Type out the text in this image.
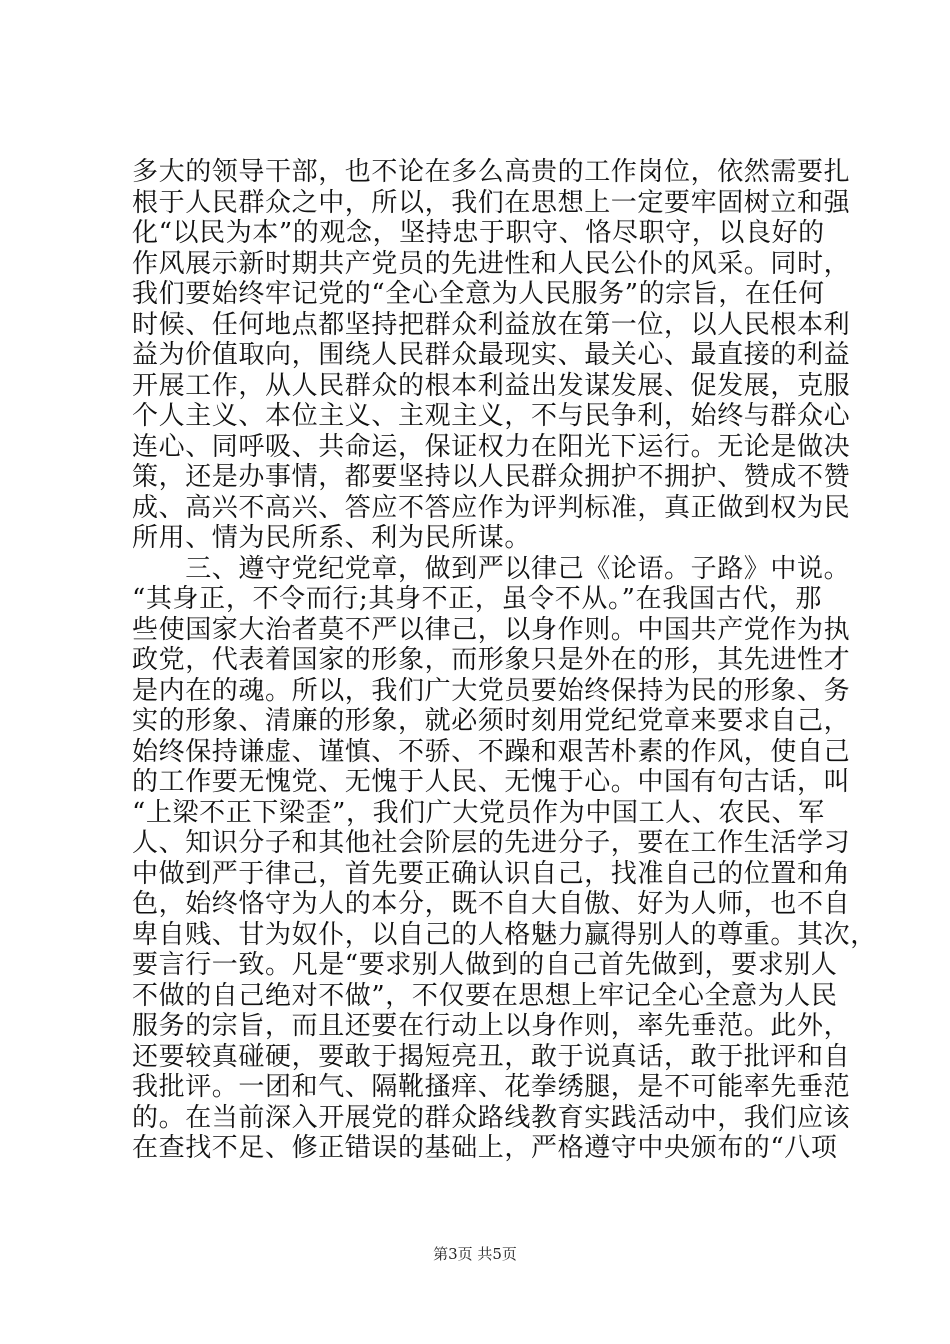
多大的领导干部，也不论在多么高贵的工作岗位，依然需要扎
根于人民群众之中，所以，我们在思想上一定要牢固树立和强
化“以民为本”的观念，坚持忠于职守、恪尽职守，以良好的
作风展示新时期共产党员的先进性和人民公仆的风采。同时，
我们要始终牢记党的“全心全意为人民服务”的宗旨，在任何
时候、任何地点都坚持把群众利益放在第一位，以人民根本利
益为价值取向，围绕人民群众最现实、最关心、最直接的利益
开展工作，从人民群众的根本利益出发谋发展、促发展，克服
个人主义、本位主义、主观主义，不与民争利，始终与群众心
连心、同呼吸、共命运，保证权力在阳光下运行。无论是做决
策，还是办事情，都要坚持以人民群众拥护不拥护、赞成不赞
成、高兴不高兴、答应不答应作为评判标准，真正做到权为民
所用、情为民所系、利为民所谋。
　　三、遵守党纪党章，做到严以律己《论语。子路》中说。
“其身正，不令而行;其身不正，虽令不从。”在我国古代，那
些使国家大治者莫不严以律己，以身作则。中国共产党作为执
政党，代表着国家的形象，而形象只是外在的形，其先进性才
是内在的魂。所以，我们广大党员要始终保持为民的形象、务
实的形象、清廉的形象，就必须时刻用党纪党章来要求自己，
始终保持谦虚、谨慎、不骄、不躁和艰苦朴素的作风，使自己
的工作要无愧党、无愧于人民、无愧于心。中国有句古话，叫
“上梁不正下梁歪”，我们广大党员作为中国工人、农民、军
人、知识分子和其他社会阶层的先进分子，要在工作生活学习
中做到严于律己，首先要正确认识自己，找准自己的位置和角
色，始终恪守为人的本分，既不自大自傲、好为人师，也不自
卑自贱、甘为奴仆，以自己的人格魅力赢得别人的尊重。其次，
要言行一致。凡是“要求别人做到的自己首先做到，要求别人
不做的自己绝对不做”，不仅要在思想上牢记全心全意为人民
服务的宗旨，而且还要在行动上以身作则，率先垂范。此外，
还要较真碰硬，要敢于揭短亮丑，敢于说真话，敢于批评和自
我批评。一团和气、隔靴搔痒、花拳绣腿，是不可能率先垂范
的。在当前深入开展党的群众路线教育实践活动中，我们应该
在查找不足、修正错误的基础上，严格遵守中央颁布的“八项
第3页 共5页
